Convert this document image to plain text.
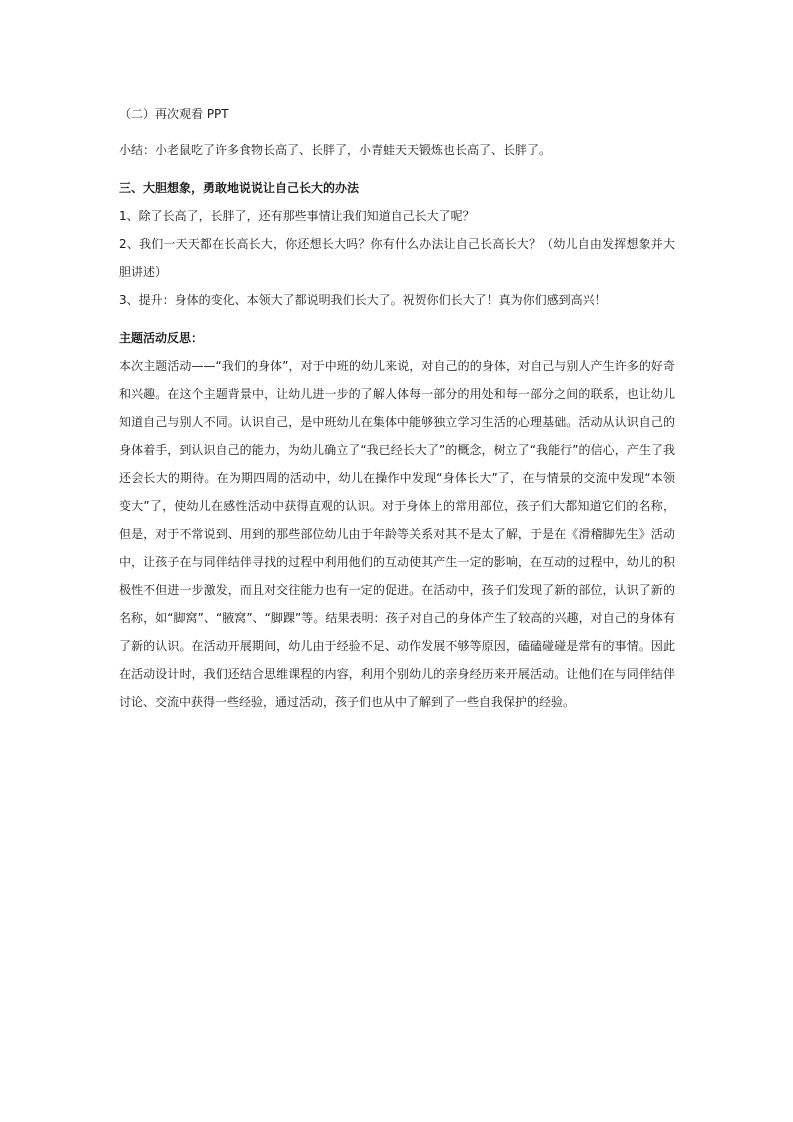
（二）再次观看 PPT

小结：小老鼠吃了许多食物长高了、长胖了，小青蛙天天锻炼也长高了、长胖了。

三、大胆想象，勇敢地说说让自己长大的办法

1、除了长高了，长胖了，还有那些事情让我们知道自己长大了呢？

2、我们一天天都在长高长大，你还想长大吗？你有什么办法让自己长高长大？（幼儿自由发挥想象并大胆讲述）

3、提升：身体的变化、本领大了都说明我们长大了。祝贺你们长大了！真为你们感到高兴！

主题活动反思：

本次主题活动——“我们的身体”，对于中班的幼儿来说，对自己的的身体，对自己与别人产生许多的好奇和兴趣。在这个主题背景中，让幼儿进一步的了解人体每一部分的用处和每一部分之间的联系，也让幼儿知道自己与别人不同。认识自己，是中班幼儿在集体中能够独立学习生活的心理基础。活动从认识自己的身体着手，到认识自己的能力，为幼儿确立了“我已经长大了”的概念，树立了“我能行”的信心，产生了我还会长大的期待。在为期四周的活动中，幼儿在操作中发现“身体长大”了，在与情景的交流中发现“本领变大”了，使幼儿在感性活动中获得直观的认识。对于身体上的常用部位，孩子们大都知道它们的名称，但是，对于不常说到、用到的那些部位幼儿由于年龄等关系对其不是太了解，于是在《滑稽脚先生》活动中，让孩子在与同伴结伴寻找的过程中利用他们的互动使其产生一定的影响，在互动的过程中，幼儿的积极性不但进一步激发，而且对交往能力也有一定的促进。在活动中，孩子们发现了新的部位，认识了新的名称，如“脚窝”、“腋窝”、“脚踝”等。结果表明：孩子对自己的身体产生了较高的兴趣，对自己的身体有了新的认识。在活动开展期间，幼儿由于经验不足、动作发展不够等原因，磕磕碰碰是常有的事情。因此在活动设计时，我们还结合思维课程的内容，利用个别幼儿的亲身经历来开展活动。让他们在与同伴结伴讨论、交流中获得一些经验，通过活动，孩子们也从中了解到了一些自我保护的经验。
